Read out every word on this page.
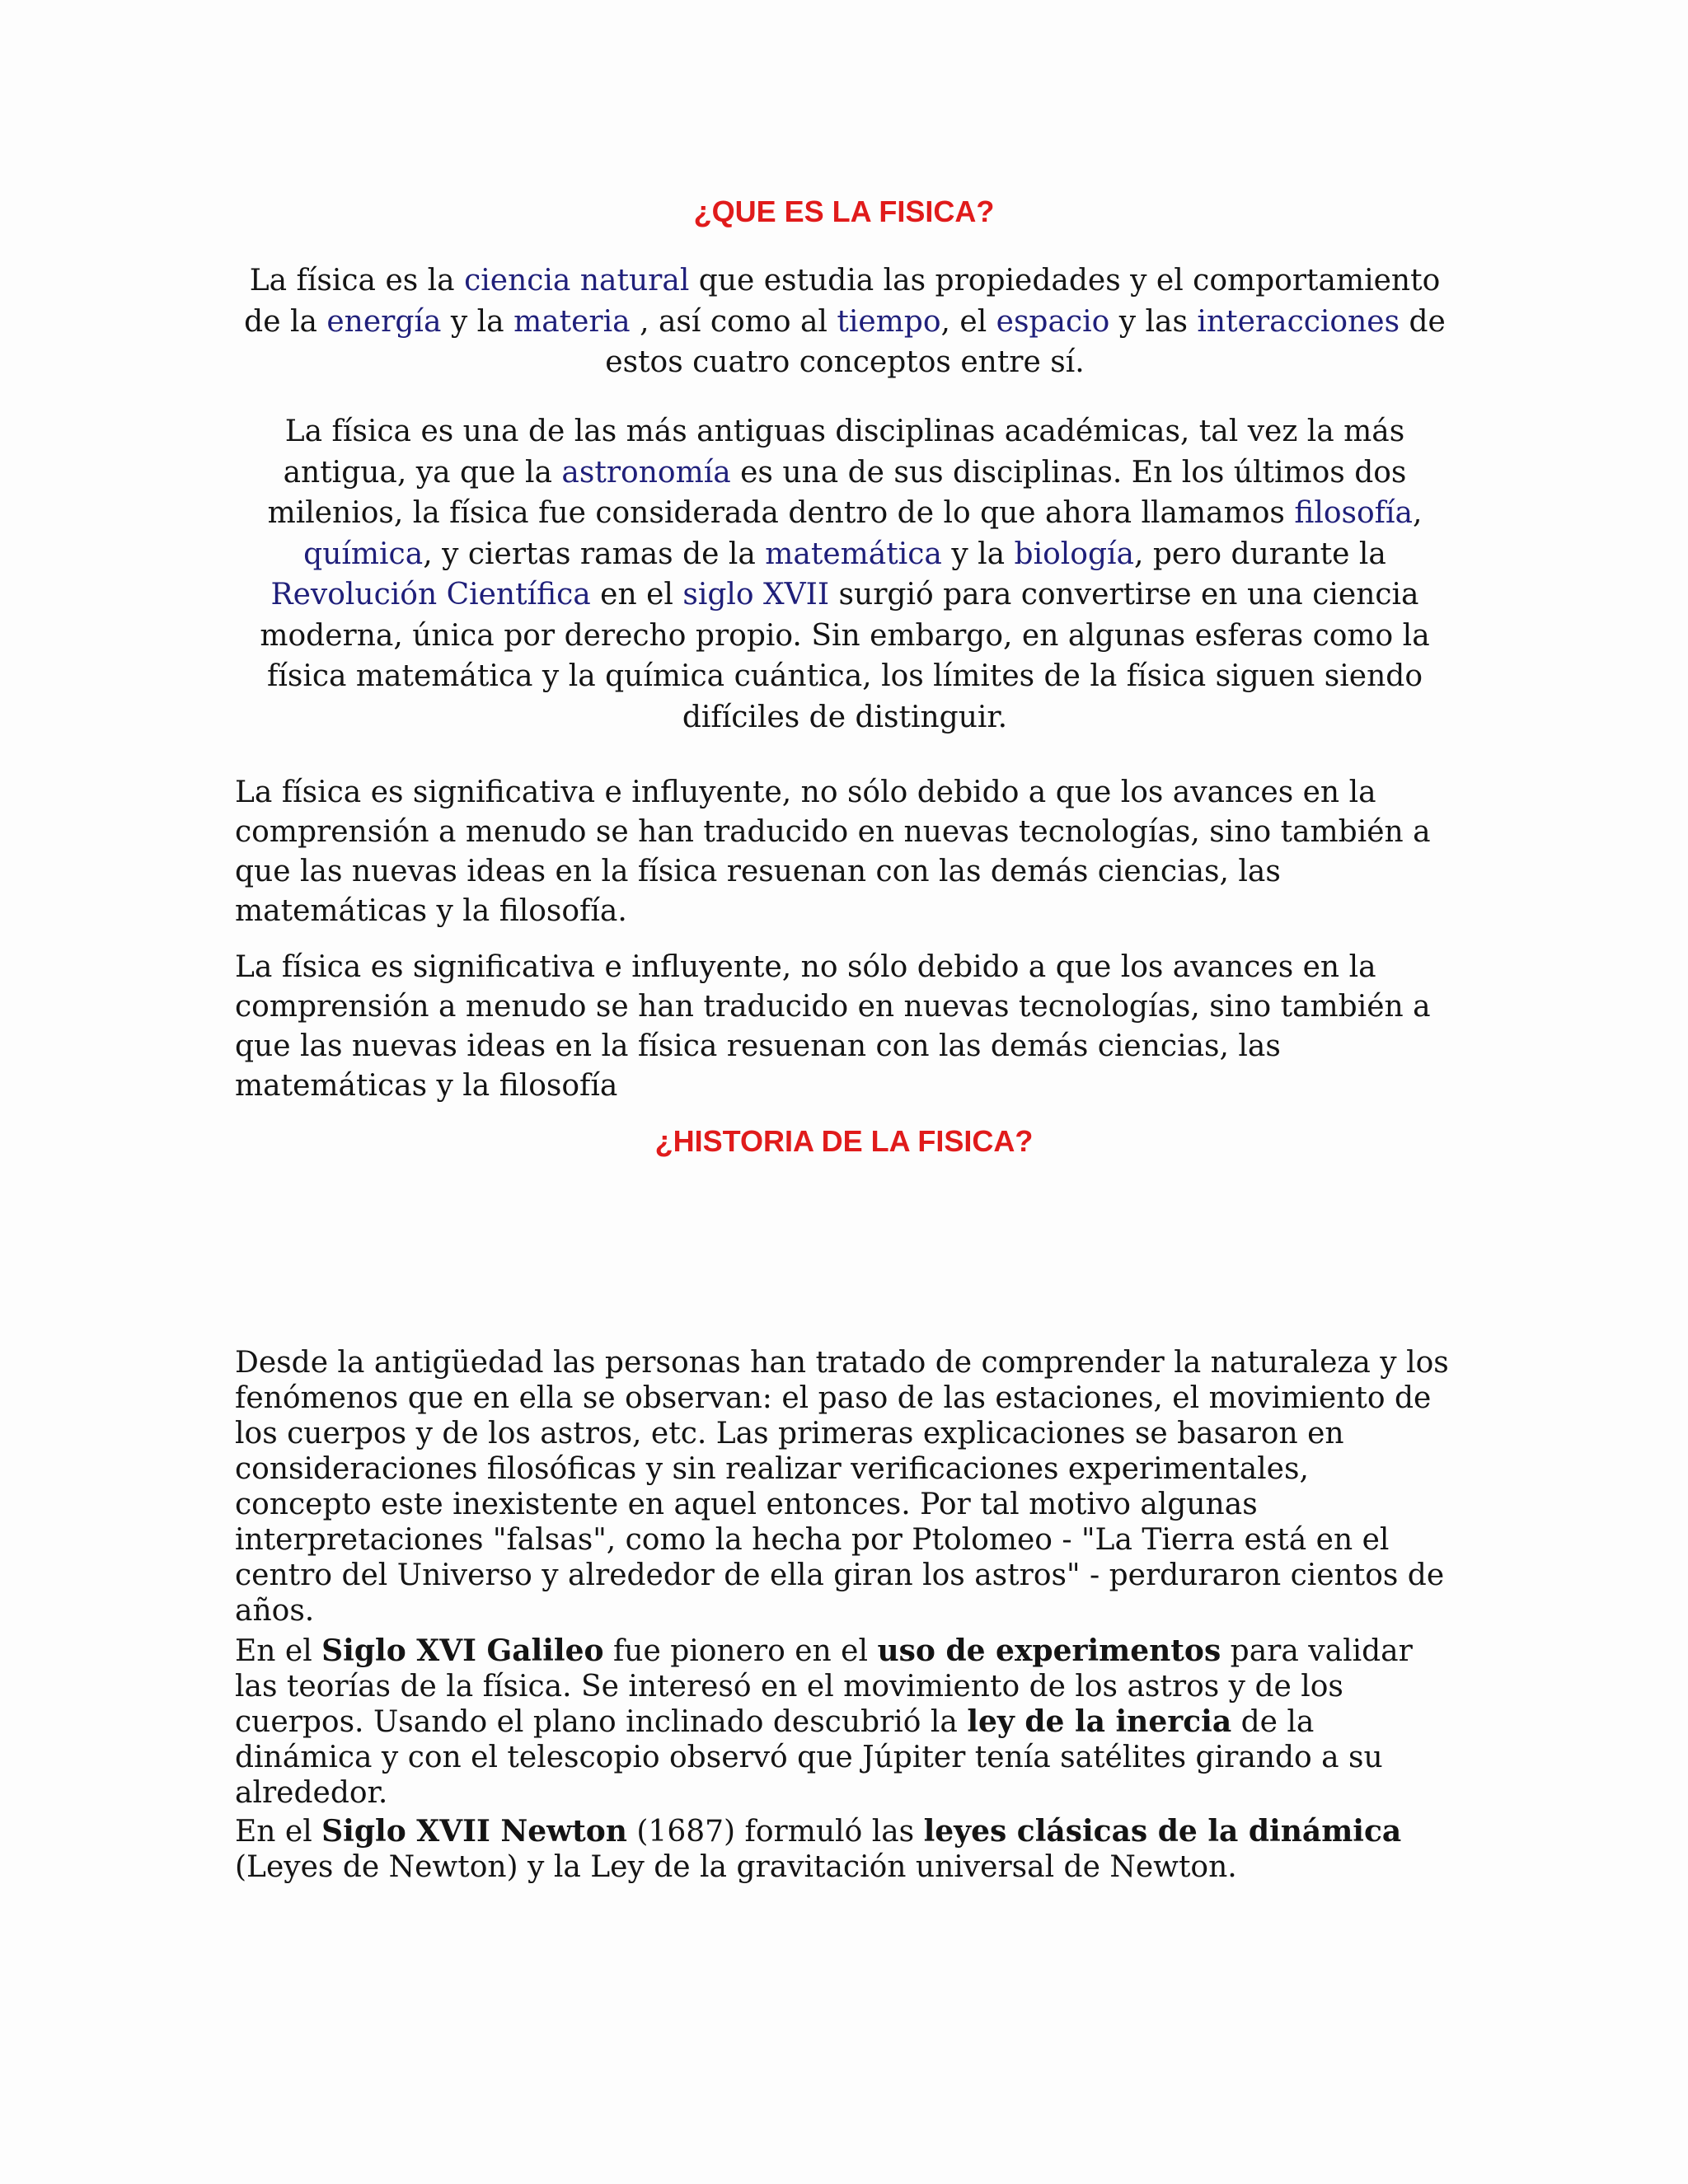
¿QUE ES LA FISICA?

La física es la ciencia natural que estudia las propiedades y el comportamiento de la energía y la materia , así como al tiempo, el espacio y las interacciones de estos cuatro conceptos entre sí.

La física es una de las más antiguas disciplinas académicas, tal vez la más antigua, ya que la astronomía es una de sus disciplinas. En los últimos dos milenios, la física fue considerada dentro de lo que ahora llamamos filosofía, química, y ciertas ramas de la matemática y la biología, pero durante la Revolución Científica en el siglo XVII surgió para convertirse en una ciencia moderna, única por derecho propio. Sin embargo, en algunas esferas como la física matemática y la química cuántica, los límites de la física siguen siendo difíciles de distinguir.

La física es significativa e influyente, no sólo debido a que los avances en la comprensión a menudo se han traducido en nuevas tecnologías, sino también a que las nuevas ideas en la física resuenan con las demás ciencias, las matemáticas y la filosofía.

La física es significativa e influyente, no sólo debido a que los avances en la comprensión a menudo se han traducido en nuevas tecnologías, sino también a que las nuevas ideas en la física resuenan con las demás ciencias, las matemáticas y la filosofía

¿HISTORIA DE LA FISICA?

Desde la antigüedad las personas han tratado de comprender la naturaleza y los fenómenos que en ella se observan: el paso de las estaciones, el movimiento de los cuerpos y de los astros, etc. Las primeras explicaciones se basaron en consideraciones filosóficas y sin realizar verificaciones experimentales, concepto este inexistente en aquel entonces. Por tal motivo algunas interpretaciones "falsas", como la hecha por Ptolomeo - "La Tierra está en el centro del Universo y alrededor de ella giran los astros" - perduraron cientos de años.

En el Siglo XVI Galileo fue pionero en el uso de experimentos para validar las teorías de la física. Se interesó en el movimiento de los astros y de los cuerpos. Usando el plano inclinado descubrió la ley de la inercia de la dinámica y con el telescopio observó que Júpiter tenía satélites girando a su alrededor.

En el Siglo XVII Newton (1687) formuló las leyes clásicas de la dinámica (Leyes de Newton) y la Ley de la gravitación universal de Newton.
